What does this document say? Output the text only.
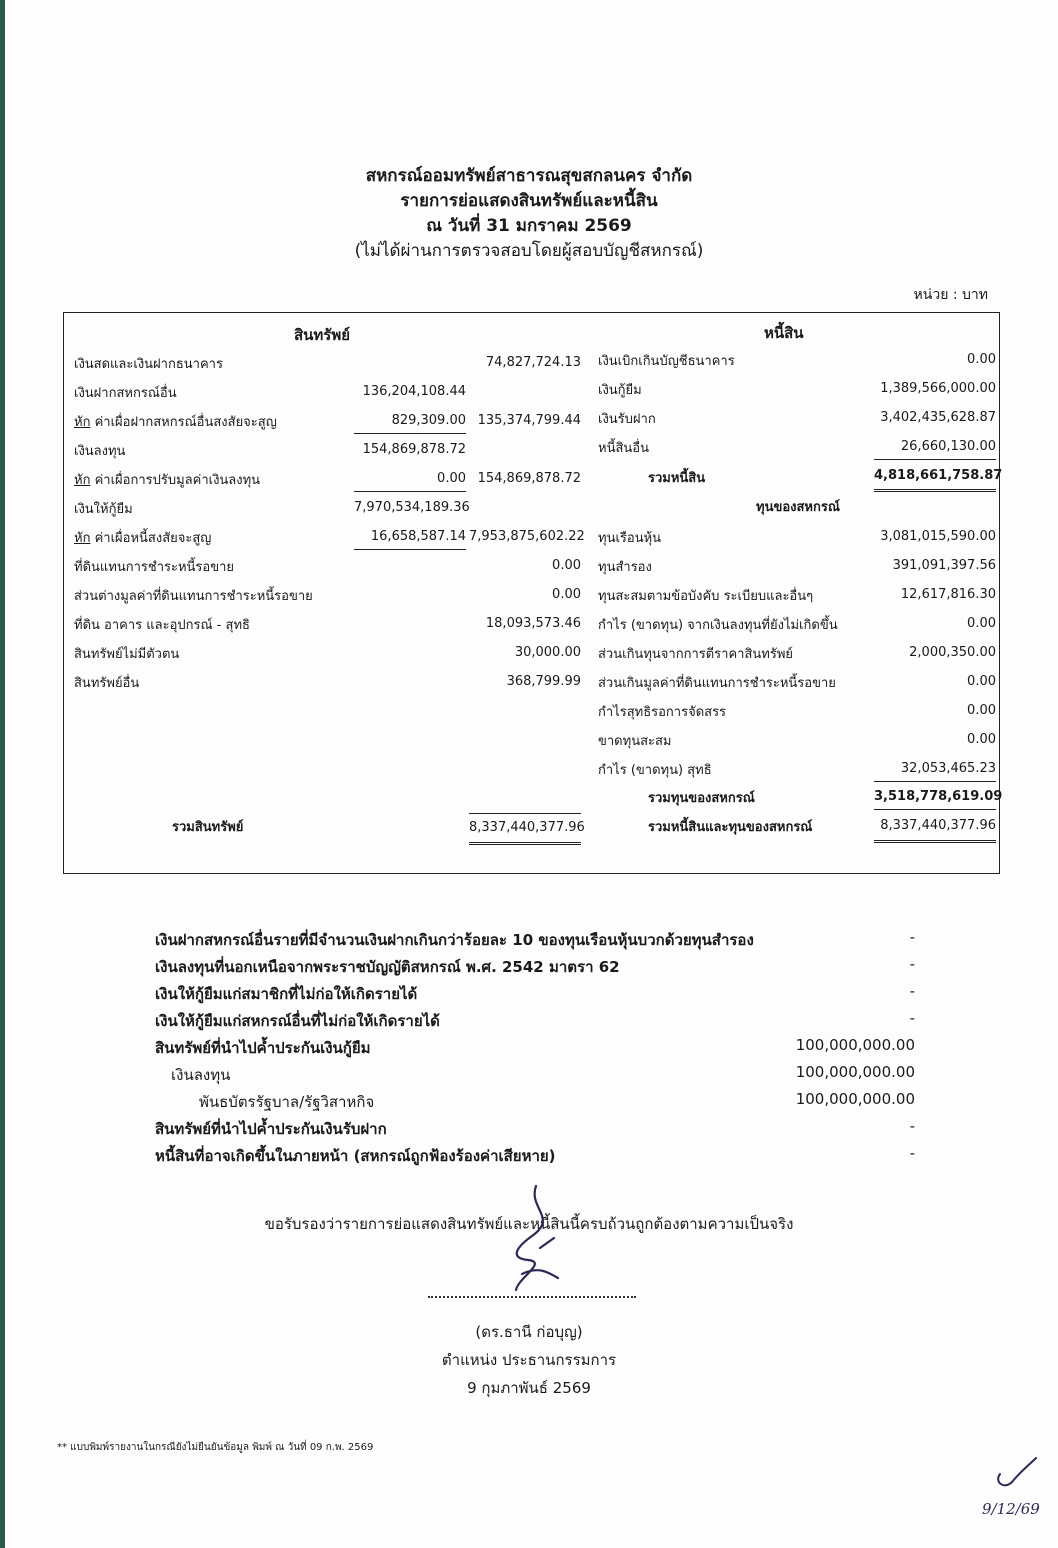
สหกรณ์ออมทรัพย์สาธารณสุขสกลนคร จำกัด
รายการย่อแสดงสินทรัพย์และหนี้สิน
ณ วันที่ 31 มกราคม 2569
(ไม่ได้ผ่านการตรวจสอบโดยผู้สอบบัญชีสหกรณ์)
หน่วย : บาท
สินทรัพย์
เงินสดและเงินฝากธนาคาร	74,827,724.13
เงินฝากสหกรณ์อื่น	136,204,108.44
หัก ค่าเผื่อฝากสหกรณ์อื่นสงสัยจะสูญ	829,309.00 135,374,799.44
เงินลงทุน	154,869,878.72
หัก ค่าเผื่อการปรับมูลค่าเงินลงทุน	0.00 154,869,878.72
เงินให้กู้ยืม	7,970,534,189.36
หัก ค่าเผื่อหนี้สงสัยจะสูญ	16,658,587.14 7,953,875,602.22
ที่ดินแทนการชำระหนี้รอขาย	0.00
ส่วนต่างมูลค่าที่ดินแทนการชำระหนี้รอขาย	0.00
ที่ดิน อาคาร และอุปกรณ์ - สุทธิ	18,093,573.46
สินทรัพย์ไม่มีตัวตน	30,000.00
สินทรัพย์อื่น	368,799.99
รวมสินทรัพย์	8,337,440,377.96
หนี้สิน
เงินเบิกเกินบัญชีธนาคาร	0.00
เงินกู้ยืม	1,389,566,000.00
เงินรับฝาก	3,402,435,628.87
หนี้สินอื่น	26,660,130.00
รวมหนี้สิน	4,818,661,758.87
ทุนของสหกรณ์
ทุนเรือนหุ้น	3,081,015,590.00
ทุนสำรอง	391,091,397.56
ทุนสะสมตามข้อบังคับ ระเบียบและอื่นๆ	12,617,816.30
กำไร (ขาดทุน) จากเงินลงทุนที่ยังไม่เกิดขึ้น	0.00
ส่วนเกินทุนจากการตีราคาสินทรัพย์	2,000,350.00
ส่วนเกินมูลค่าที่ดินแทนการชำระหนี้รอขาย	0.00
กำไรสุทธิรอการจัดสรร	0.00
ขาดทุนสะสม	0.00
กำไร (ขาดทุน) สุทธิ	32,053,465.23
รวมทุนของสหกรณ์	3,518,778,619.09
รวมหนี้สินและทุนของสหกรณ์	8,337,440,377.96
เงินฝากสหกรณ์อื่นรายที่มีจำนวนเงินฝากเกินกว่าร้อยละ 10 ของทุนเรือนหุ้นบวกด้วยทุนสำรอง	-
เงินลงทุนที่นอกเหนือจากพระราชบัญญัติสหกรณ์ พ.ศ. 2542 มาตรา 62	-
เงินให้กู้ยืมแก่สมาชิกที่ไม่ก่อให้เกิดรายได้	-
เงินให้กู้ยืมแก่สหกรณ์อื่นที่ไม่ก่อให้เกิดรายได้	-
สินทรัพย์ที่นำไปค้ำประกันเงินกู้ยืม	100,000,000.00
เงินลงทุน	100,000,000.00
พันธบัตรรัฐบาล/รัฐวิสาหกิจ	100,000,000.00
สินทรัพย์ที่นำไปค้ำประกันเงินรับฝาก	-
หนี้สินที่อาจเกิดขึ้นในภายหน้า (สหกรณ์ถูกฟ้องร้องค่าเสียหาย)	-
ขอรับรองว่ารายการย่อแสดงสินทรัพย์และหนี้สินนี้ครบถ้วนถูกต้องตามความเป็นจริง
(ดร.ธานี ก่อบุญ)
ตำแหน่ง ประธานกรรมการ
9 กุมภาพันธ์ 2569
** แบบพิมพ์รายงานในกรณียังไม่ยืนยันข้อมูล พิมพ์ ณ วันที่ 09 ก.พ. 2569
9/12/69
